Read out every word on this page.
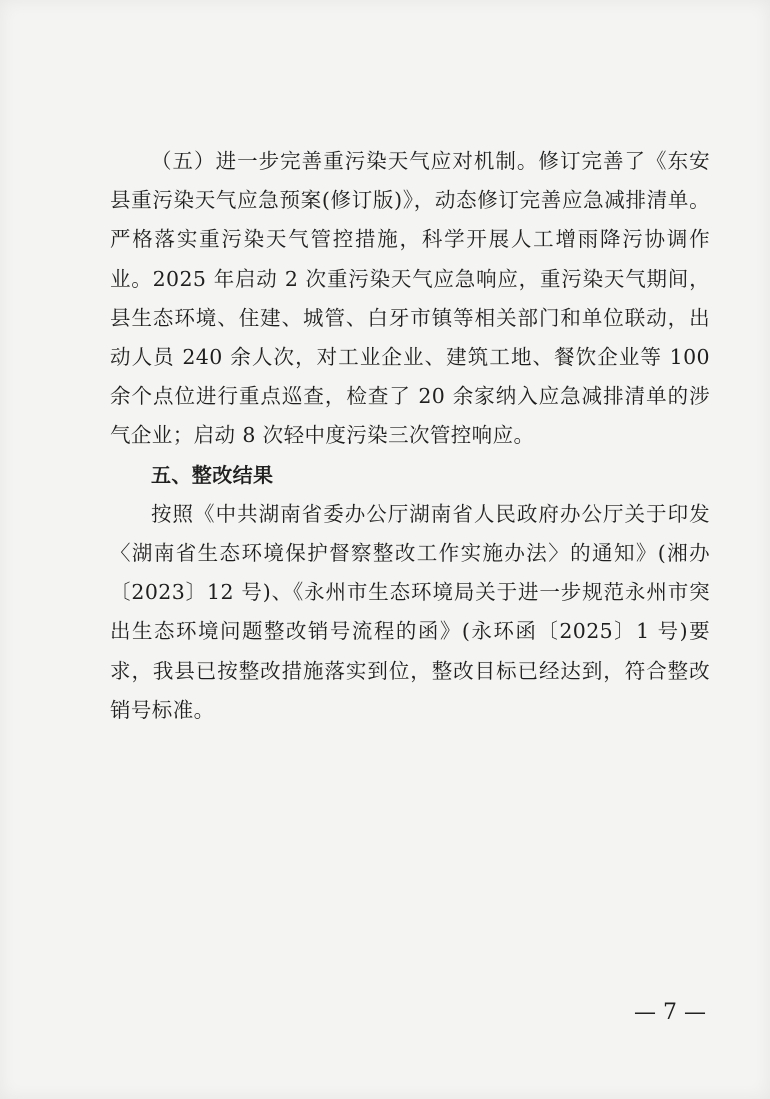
（五）进一步完善重污染天气应对机制。修订完善了《东安县重污染天气应急预案(修订版)》，动态修订完善应急减排清单。严格落实重污染天气管控措施，科学开展人工增雨降污协调作业。2025 年启动 2 次重污染天气应急响应，重污染天气期间，县生态环境、住建、城管、白牙市镇等相关部门和单位联动，出动人员 240 余人次，对工业企业、建筑工地、餐饮企业等 100 余个点位进行重点巡查，检查了 20 余家纳入应急减排清单的涉气企业；启动 8 次轻中度污染三次管控响应。

五、整改结果

按照《中共湖南省委办公厅湖南省人民政府办公厅关于印发〈湖南省生态环境保护督察整改工作实施办法〉的通知》(湘办〔2023〕12 号)、《永州市生态环境局关于进一步规范永州市突出生态环境问题整改销号流程的函》(永环函〔2025〕1 号)要求，我县已按整改措施落实到位，整改目标已经达到，符合整改销号标准。

— 7 —
